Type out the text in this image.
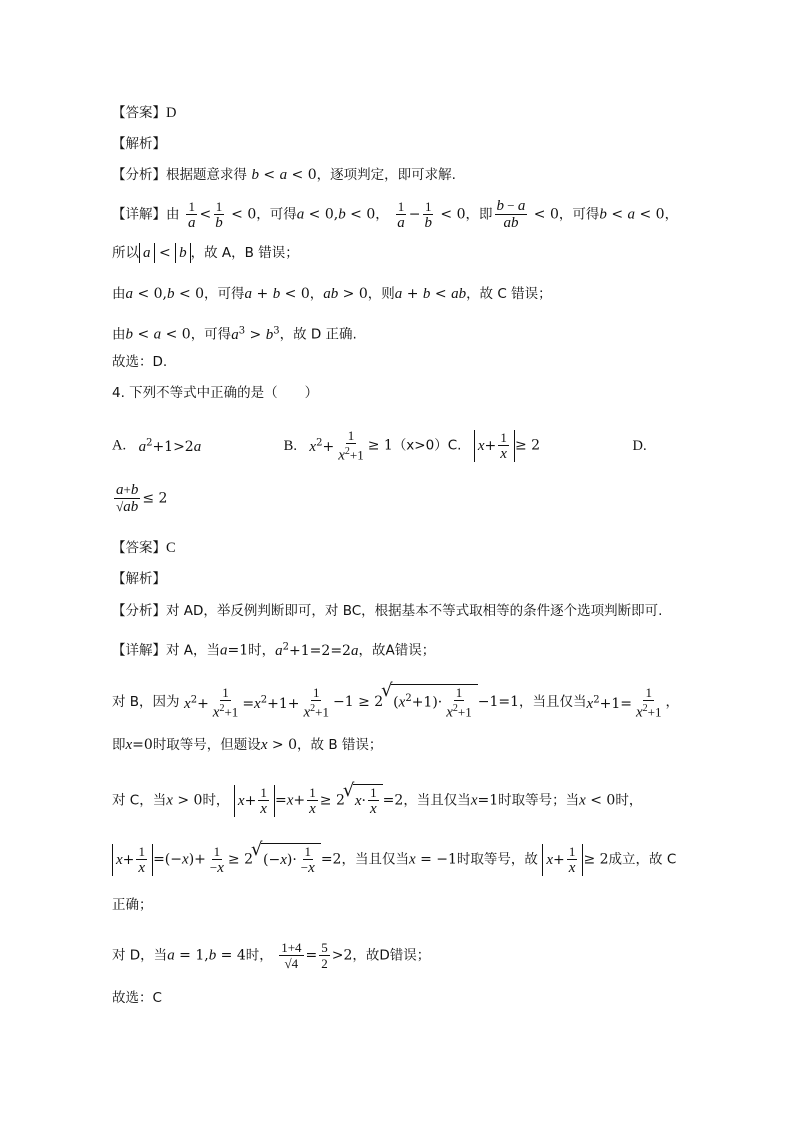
【答案】D
【解析】
【分析】根据题意求得 b < a < 0，逐项判定，即可求解.
【详解】由 $\frac{1}{a} < \frac{1}{b} < 0$，可得a < 0,b < 0， $\frac{1}{a} - \frac{1}{b} < 0$，即 $\frac{b - a}{ab} < 0$，可得b < a < 0，
所以 a < b ，故 A，B 错误；
由a < 0,b < 0，可得a + b < 0，ab > 0，则a + b < ab，故 C 错误；
由b < a < 0，可得$a^3 > b^3$，故 D 正确.
故选：D.
4. 下列不等式中正确的是（　　）
A. $a^2+1>2a$	B. $x^2+ \frac{1}{x^2+1} \ge 1(x>0)C$. $x+ \frac{1}{x} \ge 2$	D.
$\frac{a+b}{√ab} \le 2$
【答案】C
【解析】
【分析】对 AD，举反例判断即可，对 BC，根据基本不等式取相等的条件逐个选项判断即可.
【详解】对 A，当a=1时，$a^2+1=2=2a$，故A错误；
对 B，因为 $x^2+ \frac{1}{x^2+1} =x^2+1+ \frac{1}{x^2+1} -1 \ge 2√$ $(x^2+1)\cdot \frac{1}{x^2+1} -1=1$，当且仅当$x^2+1= \frac{1}{x^2+1}$ ，
即x=0时取等号，但题设x > 0，故 B 错误；
对 C，当x > 0时， $x+ \frac{1}{x} =x+ \frac{1}{x} \ge 2√$ $x\cdot \frac{1}{x} =2$，当且仅当x=1时取等号；当x < 0时，
$x+ \frac{1}{x} =(-x)+ \frac{1}{-x} \ge 2√$ $(-x)\cdot \frac{1}{-x} =2$，当且仅当x = −1时取等号，故 $x+ \frac{1}{x} \ge 2$成立，故 C
正确；
对 D，当a = 1,b = 4时， $\frac{1+4}{√4} = \frac{5}{2} >2$，故D错误；
故选：C
